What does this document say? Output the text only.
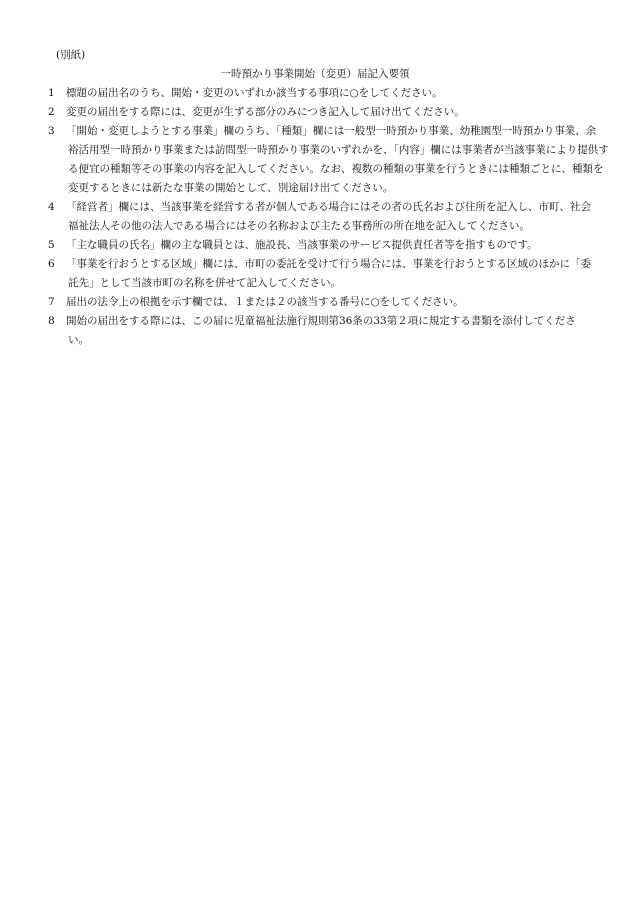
(別紙)
一時預かり事業開始（変更）届記入要領
1	標題の届出名のうち、開始・変更のいずれか該当する事項に○をしてください。
2	変更の届出をする際には、変更が生ずる部分のみにつき記入して届け出てください。
3	「開始・変更しようとする事業」欄のうち、「種類」欄には一般型一時預かり事業、幼稚園型一時預かり事業、余
裕活用型一時預かり事業または訪問型一時預かり事業のいずれかを、「内容」欄には事業者が当該事業により提供す
る便宜の種類等その事業の内容を記入してください。なお、複数の種類の事業を行うときには種類ごとに、種類を
変更するときには新たな事業の開始として、別途届け出てください。
4	「経営者」欄には、当該事業を経営する者が個人である場合にはその者の氏名および住所を記入し、市町、社会
福祉法人その他の法人である場合にはその名称および主たる事務所の所在地を記入してください。
5	「主な職員の氏名」欄の主な職員とは、施設長、当該事業のサービス提供責任者等を指すものです。
6	「事業を行おうとする区域」欄には、市町の委託を受けて行う場合には、事業を行おうとする区域のほかに「委
託先」として当該市町の名称を併せて記入してください。
7	届出の法令上の根拠を示す欄では、１または２の該当する番号に○をしてください。
8	開始の届出をする際には、この届に児童福祉法施行規則第36条の33第２項に規定する書類を添付してくださ
い。
